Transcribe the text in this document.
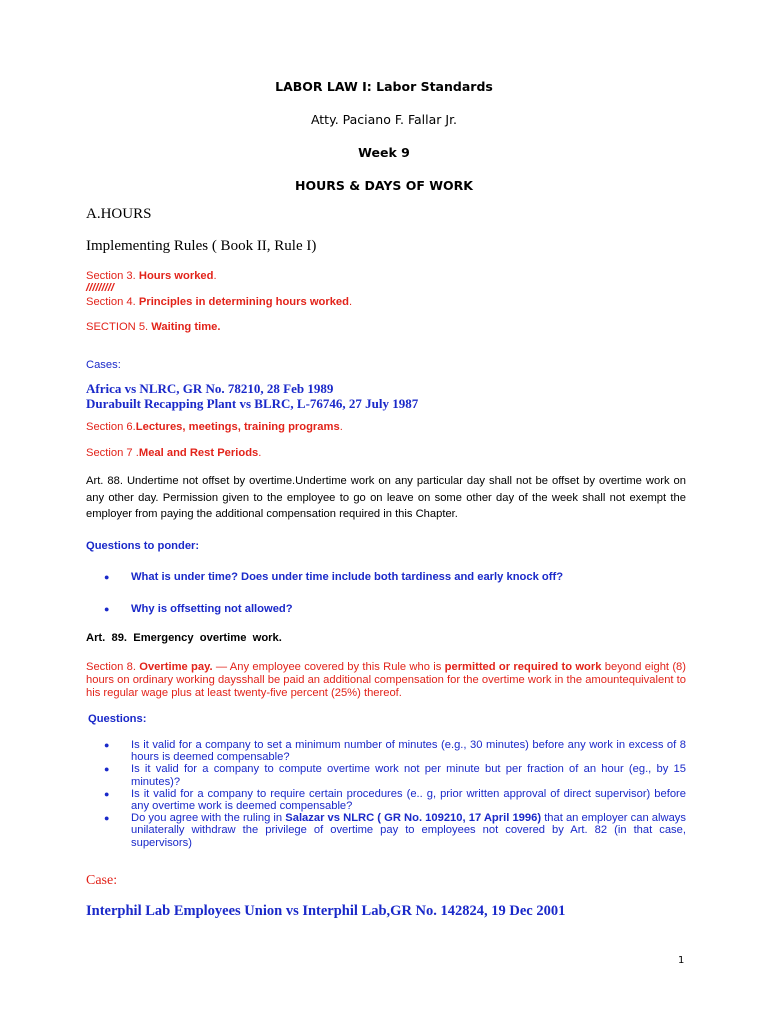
LABOR LAW I: Labor Standards
Atty. Paciano F. Fallar Jr.
Week 9
HOURS & DAYS OF WORK
A.HOURS
Implementing Rules ( Book II, Rule I)
Section 3. Hours worked.
/////////
Section 4. Principles in determining hours worked.
SECTION 5. Waiting time.
Cases:
Africa vs NLRC, GR No. 78210, 28 Feb 1989
Durabuilt Recapping Plant vs BLRC, L-76746, 27 July 1987
Section 6.Lectures, meetings, training programs.
Section 7 .Meal and Rest Periods.
Art. 88. Undertime not offset by overtime.Undertime work on any particular day shall not be offset by overtime work on any other day. Permission given to the employee to go on leave on some other day of the week shall not exempt the employer from paying the additional compensation required in this Chapter.
Questions to ponder:
● What is under time? Does under time include both tardiness and early knock off?
● Why is offsetting not allowed?
Art.  89.  Emergency  overtime  work.
Section 8. Overtime pay. — Any employee covered by this Rule who is permitted or required to work beyond eight (8) hours on ordinary working daysshall be paid an additional compensation for the overtime work in the amountequivalent to his regular wage plus at least twenty-five percent (25%) thereof.
Questions:
● Is it valid for a company to set a minimum number of minutes (e.g., 30 minutes) before any work in excess of 8 hours is deemed compensable?
● Is it valid for a company to compute overtime work not per minute but per fraction of an hour (eg., by 15 minutes)?
● Is it valid for a company to require certain procedures (e.. g, prior written approval of direct supervisor) before any overtime work is deemed compensable?
● Do you agree with the ruling in Salazar vs NLRC ( GR No. 109210, 17 April 1996) that an employer can always unilaterally withdraw the privilege of overtime pay to employees not covered by Art. 82 (in that case, supervisors)
Case:
Interphil Lab Employees Union vs Interphil Lab,GR No. 142824, 19 Dec 2001
1
